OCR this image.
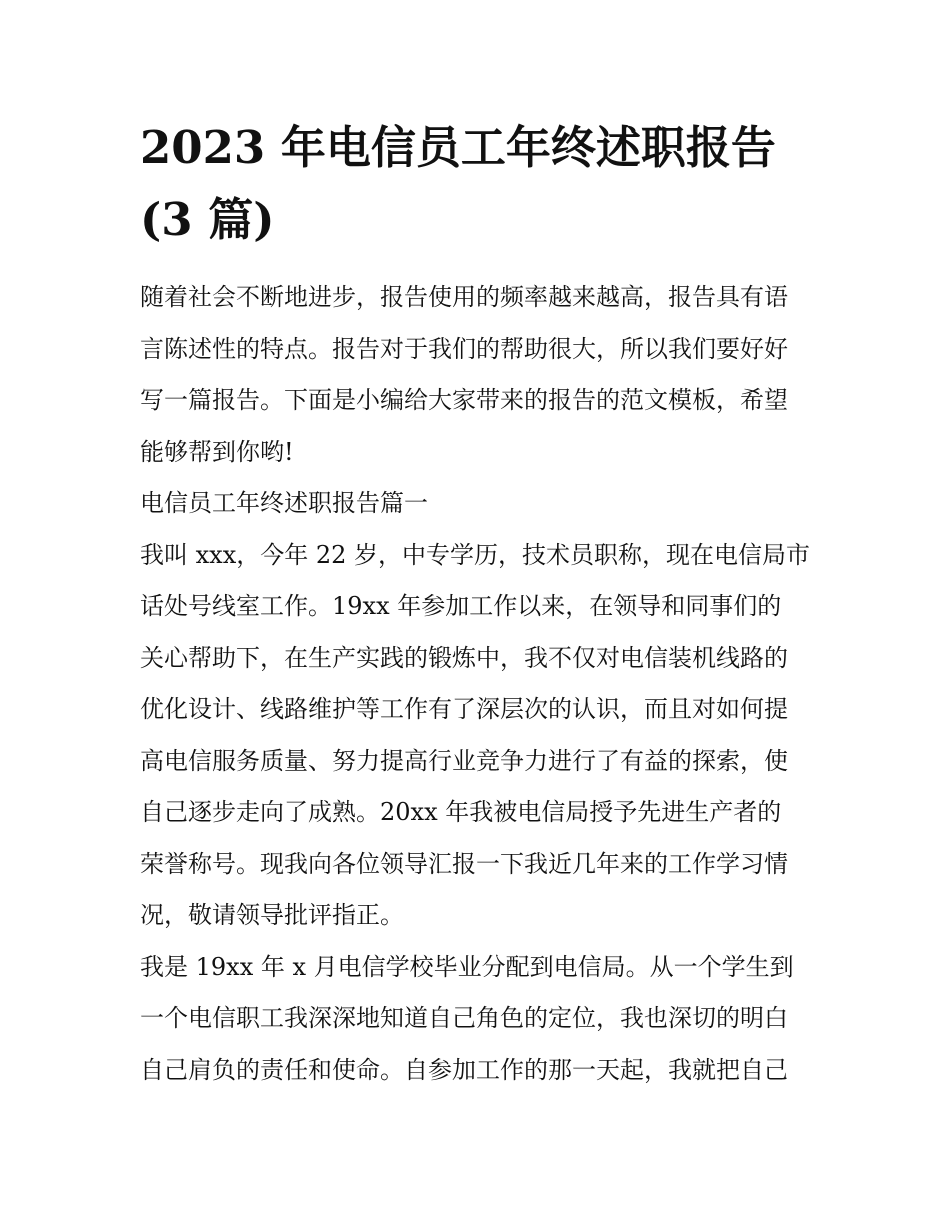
2023 年电信员工年终述职报告
(3 篇)

随着社会不断地进步，报告使用的频率越来越高，报告具有语
言陈述性的特点。报告对于我们的帮助很大，所以我们要好好
写一篇报告。下面是小编给大家带来的报告的范文模板，希望
能够帮到你哟!

电信员工年终述职报告篇一

我叫 xxx，今年 22 岁，中专学历，技术员职称，现在电信局市
话处号线室工作。19xx 年参加工作以来，在领导和同事们的
关心帮助下，在生产实践的锻炼中，我不仅对电信装机线路的
优化设计、线路维护等工作有了深层次的认识，而且对如何提
高电信服务质量、努力提高行业竞争力进行了有益的探索，使
自己逐步走向了成熟。20xx 年我被电信局授予先进生产者的
荣誉称号。现我向各位领导汇报一下我近几年来的工作学习情
况，敬请领导批评指正。

我是 19xx 年 x 月电信学校毕业分配到电信局。从一个学生到
一个电信职工我深深地知道自己角色的定位，我也深切的明白
自己肩负的责任和使命。自参加工作的那一天起，我就把自己
